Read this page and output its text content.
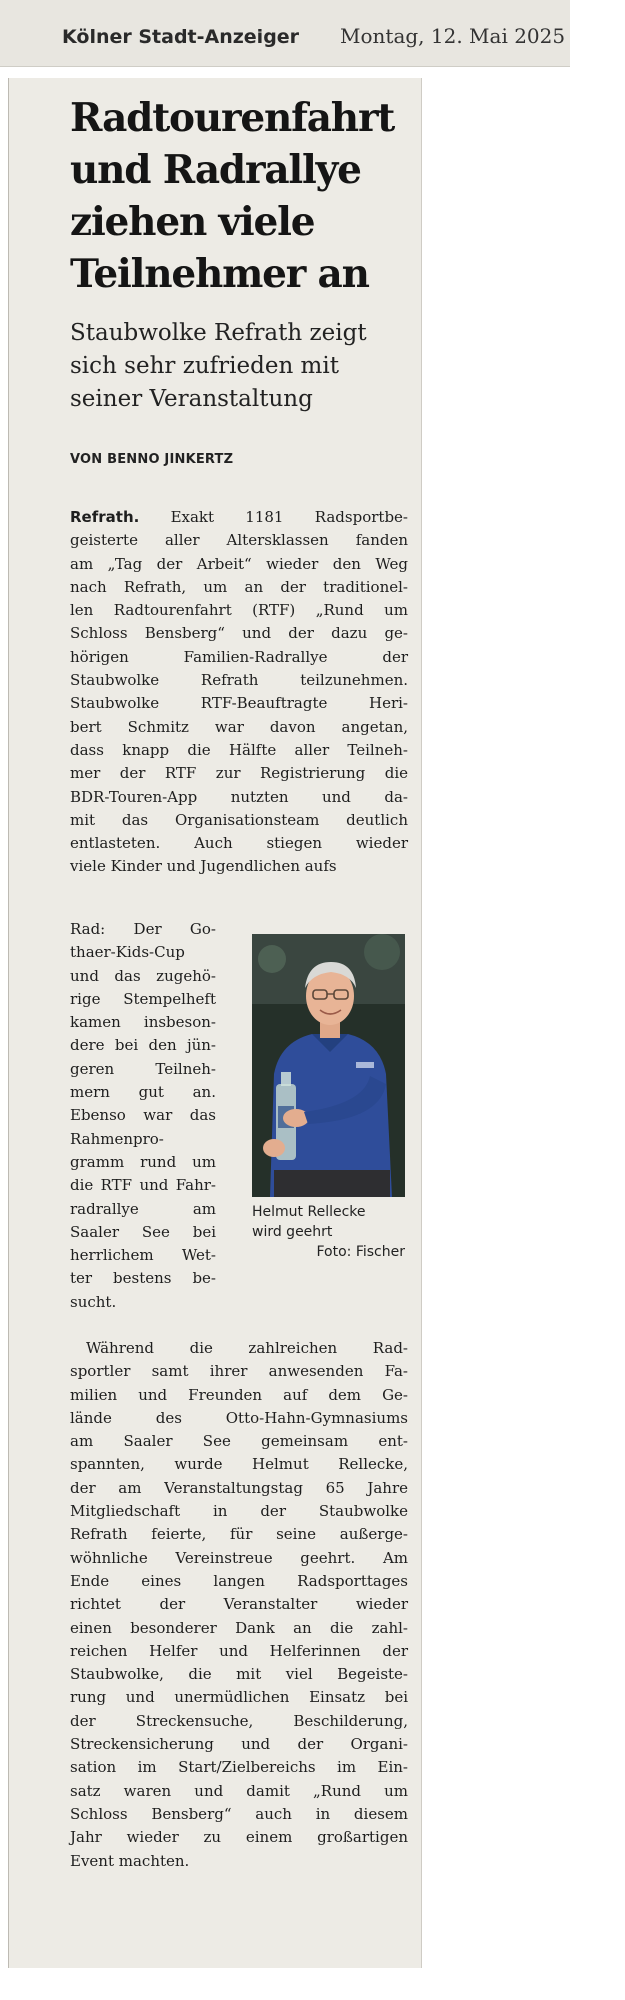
Kölner Stadt-Anzeiger Montag, 12. Mai 2025
Radtourenfahrt
und Radrallye
ziehen viele
Teilnehmer an
Staubwolke Refrath zeigt
sich sehr zufrieden mit
seiner Veranstaltung
VON BENNO JINKERTZ
Refrath. Exakt 1181 Radsportbe-
geisterte aller Altersklassen fanden
am „Tag der Arbeit“ wieder den Weg
nach Refrath, um an der traditionel-
len Radtourenfahrt (RTF) „Rund um
Schloss Bensberg“ und der dazu ge-
hörigen Familien-Radrallye der
Staubwolke Refrath teilzunehmen.
Staubwolke RTF-Beauftragte Heri-
bert Schmitz war davon angetan,
dass knapp die Hälfte aller Teilneh-
mer der RTF zur Registrierung die
BDR-Touren-App nutzten und da-
mit das Organisationsteam deutlich
entlasteten. Auch stiegen wieder
viele Kinder und Jugendlichen aufs
Rad: Der Go-
thaer-Kids-Cup
und das zugehö-
rige Stempelheft
kamen insbeson-
dere bei den jün-
geren Teilneh-
mern gut an.
Ebenso war das
Rahmenpro-
gramm rund um
die RTF und Fahr-
radrallye am
Saaler See bei
herrlichem Wet-
ter bestens be-
sucht.
Helmut Rellecke
wird geehrt
Foto: Fischer
Während die zahlreichen Rad-
sportler samt ihrer anwesenden Fa-
milien und Freunden auf dem Ge-
lände des Otto-Hahn-Gymnasiums
am Saaler See gemeinsam ent-
spannten, wurde Helmut Rellecke,
der am Veranstaltungstag 65 Jahre
Mitgliedschaft in der Staubwolke
Refrath feierte, für seine außerge-
wöhnliche Vereinstreue geehrt. Am
Ende eines langen Radsporttages
richtet der Veranstalter wieder
einen besonderer Dank an die zahl-
reichen Helfer und Helferinnen der
Staubwolke, die mit viel Begeiste-
rung und unermüdlichen Einsatz bei
der Streckensuche, Beschilderung,
Streckensicherung und der Organi-
sation im Start/Zielbereichs im Ein-
satz waren und damit „Rund um
Schloss Bensberg“ auch in diesem
Jahr wieder zu einem großartigen
Event machten.
